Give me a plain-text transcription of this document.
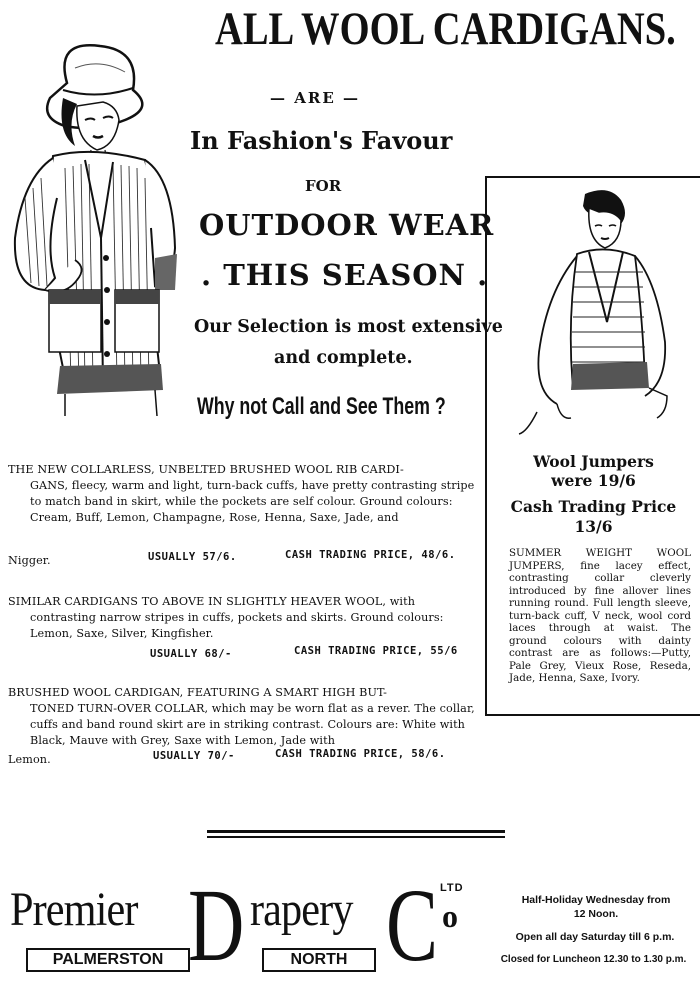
ALL WOOL CARDIGANS.
— ARE —
In Fashion's Favour
FOR
OUTDOOR WEAR
. THIS SEASON .
Our Selection is most extensive
and complete.
Why not Call and See Them ?
THE NEW COLLARLESS, UNBELTED BRUSHED WOOL RIB CARDI-
GANS, fleecy, warm and light, turn-back cuffs, have pretty contrasting stripe to match band in skirt, while the pockets are self colour. Ground colours: Cream, Buff, Lemon, Champagne, Rose, Henna, Saxe, Jade, and
Nigger.	USUALLY 57/6.	CASH TRADING PRICE, 48/6.
SIMILAR CARDIGANS TO ABOVE IN SLIGHTLY HEAVER WOOL, with
contrasting narrow stripes in cuffs, pockets and skirts. Ground colours: Lemon, Saxe, Silver, Kingfisher.
USUALLY 68/-	CASH TRADING PRICE, 55/6
BRUSHED WOOL CARDIGAN, FEATURING A SMART HIGH BUT-
TONED TURN-OVER COLLAR, which may be worn flat as a rever. The collar, cuffs and band round skirt are in striking contrast. Colours are: White with Black, Mauve with Grey, Saxe with Lemon, Jade with
Lemon.	USUALLY 70/-	CASH TRADING PRICE, 58/6.
Wool Jumpers
were 19/6
Cash Trading Price
13/6
SUMMER WEIGHT WOOL JUMPERS, fine lacey effect, contrasting collar cleverly introduced by fine allover lines running round. Full length sleeve, turn-back cuff, V neck, wool cord laces through at waist. The ground colours with dainty contrast are as follows:—Putty, Pale Grey, Vieux Rose, Reseda, Jade, Henna, Saxe, Ivory.
Premier D rapery C o
LTD
PALMERSTON	NORTH
Half-Holiday Wednesday from
12 Noon.
Open all day Saturday till 6 p.m.
Closed for Luncheon 12.30 to 1.30 p.m.
